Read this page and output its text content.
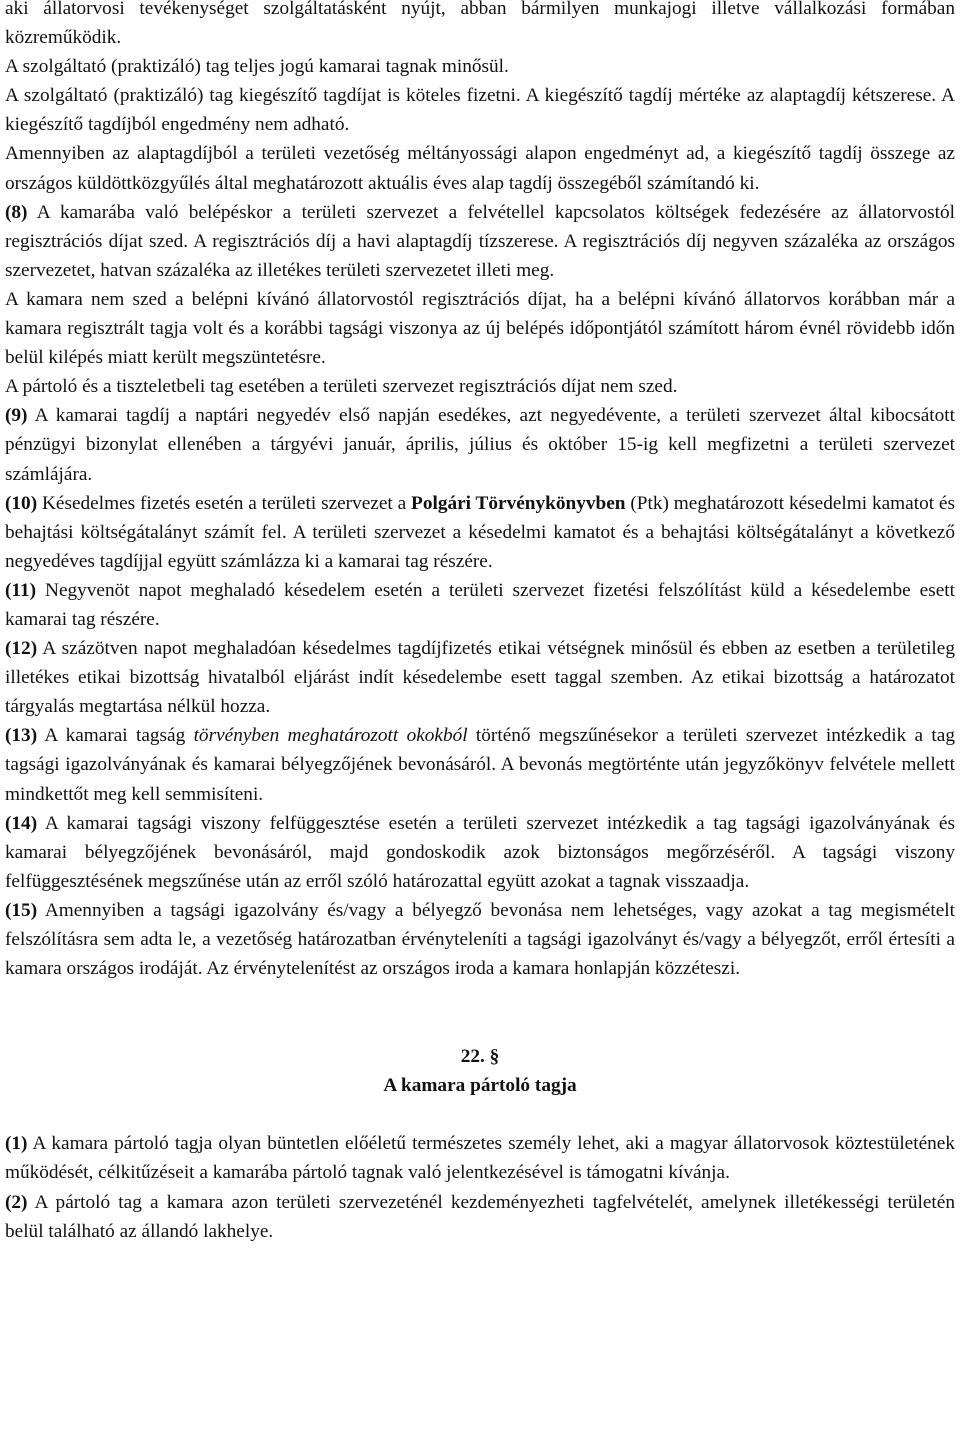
aki állatorvosi tevékenységet szolgáltatásként nyújt, abban bármilyen munkajogi illetve vállalkozási formában közreműködik.

A szolgáltató (praktizáló) tag teljes jogú kamarai tagnak minősül.

A szolgáltató (praktizáló) tag kiegészítő tagdíjat is köteles fizetni. A kiegészítő tagdíj mértéke az alaptagdíj kétszerese. A kiegészítő tagdíjból engedmény nem adható.

Amennyiben az alaptagdíjból a területi vezetőség méltányossági alapon engedményt ad, a kiegészítő tagdíj összege az országos küldöttközgyűlés által meghatározott aktuális éves alap tagdíj összegéből számítandó ki.

(8) A kamarába való belépéskor a területi szervezet a felvétellel kapcsolatos költségek fedezésére az állatorvostól regisztrációs díjat szed. A regisztrációs díj a havi alaptagdíj tízszerese. A regisztrációs díj negyven százaléka az országos szervezetet, hatvan százaléka az illetékes területi szervezetet illeti meg.

A kamara nem szed a belépni kívánó állatorvostól regisztrációs díjat, ha a belépni kívánó állatorvos korábban már a kamara regisztrált tagja volt és a korábbi tagsági viszonya az új belépés időpontjától számított három évnél rövidebb időn belül kilépés miatt került megszüntetésre.

A pártoló és a tiszteletbeli tag esetében a területi szervezet regisztrációs díjat nem szed.

(9) A kamarai tagdíj a naptári negyedév első napján esedékes, azt negyedévente, a területi szervezet által kibocsátott pénzügyi bizonylat ellenében a tárgyévi január, április, július és október 15-ig kell megfizetni a területi szervezet számlájára.

(10) Késedelmes fizetés esetén a területi szervezet a Polgári Törvénykönyvben (Ptk) meghatározott késedelmi kamatot és behajtási költségátalányt számít fel. A területi szervezet a késedelmi kamatot és a behajtási költségátalányt a következő negyedéves tagdíjjal együtt számlázza ki a kamarai tag részére.

(11) Negyvenöt napot meghaladó késedelem esetén a területi szervezet fizetési felszólítást küld a késedelembe esett kamarai tag részére.

(12) A százötven napot meghaladóan késedelmes tagdíjfizetés etikai vétségnek minősül és ebben az esetben a területileg illetékes etikai bizottság hivatalból eljárást indít késedelembe esett taggal szemben. Az etikai bizottság a határozatot tárgyalás megtartása nélkül hozza.

(13) A kamarai tagság törvényben meghatározott okokból történő megszűnésekor a területi szervezet intézkedik a tag tagsági igazolványának és kamarai bélyegzőjének bevonásáról. A bevonás megtörténte után jegyzőkönyv felvétele mellett mindkettőt meg kell semmisíteni.

(14) A kamarai tagsági viszony felfüggesztése esetén a területi szervezet intézkedik a tag tagsági igazolványának és kamarai bélyegzőjének bevonásáról, majd gondoskodik azok biztonságos megőrzéséről. A tagsági viszony felfüggesztésének megszűnése után az erről szóló határozattal együtt azokat a tagnak visszaadja.

(15) Amennyiben a tagsági igazolvány és/vagy a bélyegző bevonása nem lehetséges, vagy azokat a tag megismételt felszólításra sem adta le, a vezetőség határozatban érvényteleníti a tagsági igazolványt és/vagy a bélyegzőt, erről értesíti a kamara országos irodáját. Az érvénytelenítést az országos iroda a kamara honlapján közzéteszi.

22. §

A kamara pártoló tagja

(1) A kamara pártoló tagja olyan büntetlen előéletű természetes személy lehet, aki a magyar állatorvosok köztestületének működését, célkitűzéseit a kamarába pártoló tagnak való jelentkezésével is támogatni kívánja.

(2) A pártoló tag a kamara azon területi szervezeténél kezdeményezheti tagfelvételét, amelynek illetékességi területén belül található az állandó lakhelye.
